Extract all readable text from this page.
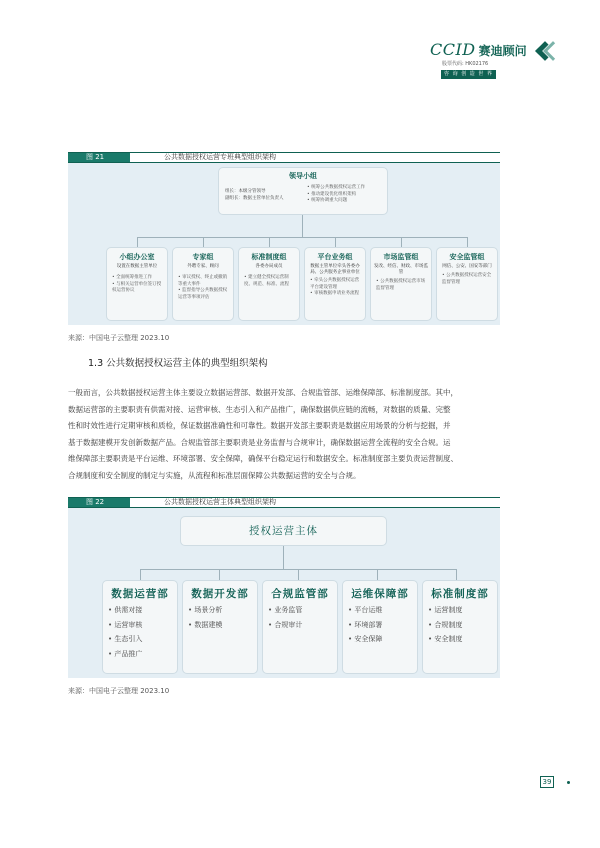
CCID 赛迪顾问
股票代码: HK02176
咨 询 创 造 世 界
图 21	公共数据授权运营专班典型组织架构
领导小组
组长：本级分管领导
副组长：数据主管单位负责人
• 统筹公共数据授权运营工作
• 推动建设优化组织架构
• 统筹协调重大问题
小组办公室
设置在数据主管单位
• 全面统筹推进工作
• 与相关运营单位签订授权运营协议
专家组
外聘专家、顾问
• 审议授权、终止或撤销等重大事件
• 监督指导公共数据授权运营等事项评估
标准制度组
各委办局成员
• 建立健全授权运营制度、规范、标准、流程
平台业务组
数据主管单位牵头各委办局、公共服务企事业单位
• 牵头公共数据授权运营平台建设管理
• 审核数据申请业务流程
市场监管组
发改、经信、财政、市场监管
• 公共数据授权运营市场监督管理
安全监管组
网信、公安、国安等部门
• 公共数据授权运营安全监督管理
来源：中国电子云整理 2023.10
1.3 公共数据授权运营主体的典型组织架构
一般而言，公共数据授权运营主体主要设立数据运营部、数据开发部、合规监管部、运维保障部、标准制度部。其中，
数据运营部的主要职责有供需对接、运营审核、生态引入和产品推广，确保数据供应链的流畅，对数据的质量、完整
性和时效性进行定期审核和质检，保证数据准确性和可靠性。数据开发部主要职责是数据应用场景的分析与挖掘，并
基于数据建模开发创新数据产品。合规监管部主要职责是业务监督与合规审计，确保数据运营全流程的安全合规。运
维保障部主要职责是平台运维、环境部署、安全保障，确保平台稳定运行和数据安全。标准制度部主要负责运营制度、
合规制度和安全制度的制定与实施，从流程和标准层面保障公共数据运营的安全与合规。
图 22	公共数据授权运营主体典型组织架构
授权运营主体
数据运营部
• 供需对接
• 运营审核
• 生态引入
• 产品推广
数据开发部
• 场景分析
• 数据建模
合规监管部
• 业务监管
• 合规审计
运维保障部
• 平台运维
• 环境部署
• 安全保障
标准制度部
• 运营制度
• 合规制度
• 安全制度
来源：中国电子云整理 2023.10
39
